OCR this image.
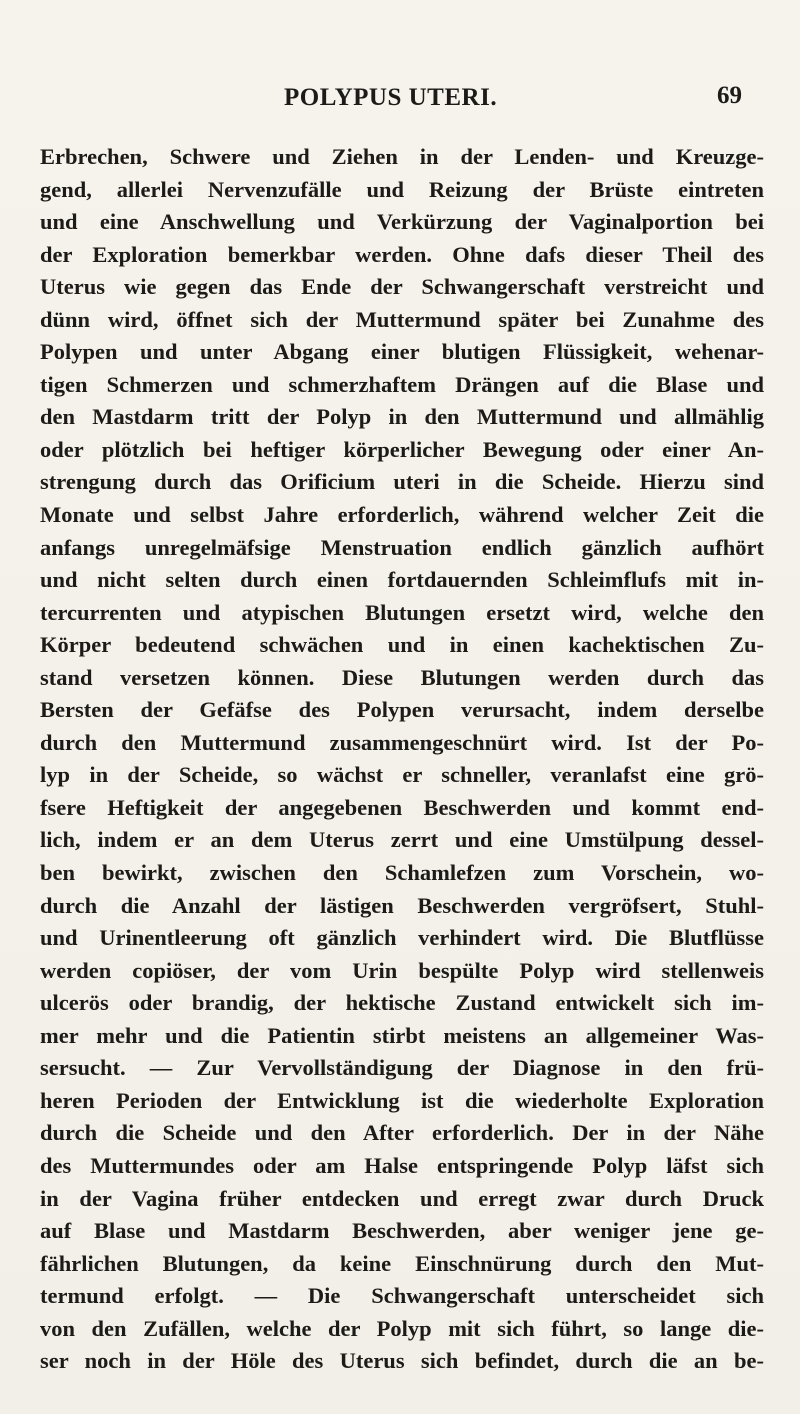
POLYPUS UTERI.	69
Erbrechen, Schwere und Ziehen in der Lenden- und Kreuzge-
gend, allerlei Nervenzufälle und Reizung der Brüste eintreten
und eine Anschwellung und Verkürzung der Vaginalportion bei
der Exploration bemerkbar werden. Ohne dafs dieser Theil des
Uterus wie gegen das Ende der Schwangerschaft verstreicht und
dünn wird, öffnet sich der Muttermund später bei Zunahme des
Polypen und unter Abgang einer blutigen Flüssigkeit, wehenar-
tigen Schmerzen und schmerzhaftem Drängen auf die Blase und
den Mastdarm tritt der Polyp in den Muttermund und allmählig
oder plötzlich bei heftiger körperlicher Bewegung oder einer An-
strengung durch das Orificium uteri in die Scheide. Hierzu sind
Monate und selbst Jahre erforderlich, während welcher Zeit die
anfangs unregelmäfsige Menstruation endlich gänzlich aufhört
und nicht selten durch einen fortdauernden Schleimflufs mit in-
tercurrenten und atypischen Blutungen ersetzt wird, welche den
Körper bedeutend schwächen und in einen kachektischen Zu-
stand versetzen können. Diese Blutungen werden durch das
Bersten der Gefäfse des Polypen verursacht, indem derselbe
durch den Muttermund zusammengeschnürt wird. Ist der Po-
lyp in der Scheide, so wächst er schneller, veranlafst eine grö-
fsere Heftigkeit der angegebenen Beschwerden und kommt end-
lich, indem er an dem Uterus zerrt und eine Umstülpung dessel-
ben bewirkt, zwischen den Schamlefzen zum Vorschein, wo-
durch die Anzahl der lästigen Beschwerden vergröfsert, Stuhl-
und Urinentleerung oft gänzlich verhindert wird. Die Blutflüsse
werden copiöser, der vom Urin bespülte Polyp wird stellenweis
ulcerös oder brandig, der hektische Zustand entwickelt sich im-
mer mehr und die Patientin stirbt meistens an allgemeiner Was-
sersucht. — Zur Vervollständigung der Diagnose in den frü-
heren Perioden der Entwicklung ist die wiederholte Exploration
durch die Scheide und den After erforderlich. Der in der Nähe
des Muttermundes oder am Halse entspringende Polyp läfst sich
in der Vagina früher entdecken und erregt zwar durch Druck
auf Blase und Mastdarm Beschwerden, aber weniger jene ge-
fährlichen Blutungen, da keine Einschnürung durch den Mut-
termund erfolgt. — Die Schwangerschaft unterscheidet sich
von den Zufällen, welche der Polyp mit sich führt, so lange die-
ser noch in der Höle des Uterus sich befindet, durch die an be-
